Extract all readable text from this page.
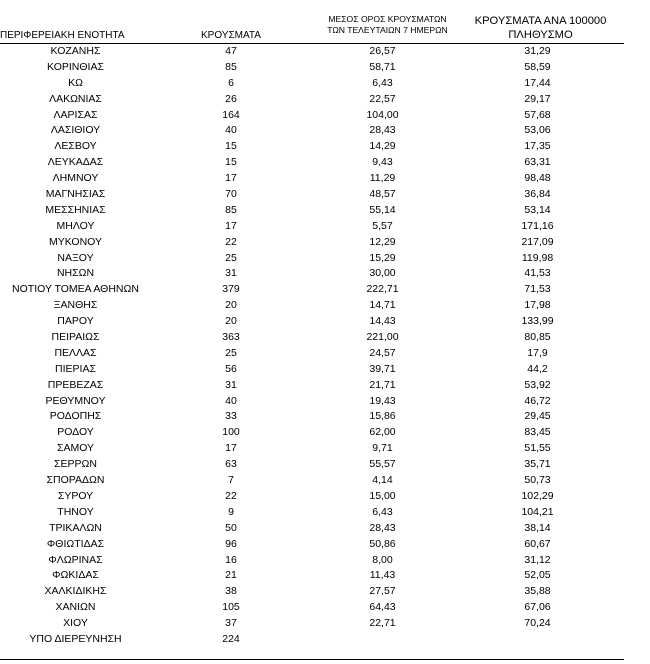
ΠΕΡΙΦΕΡΕΙΑΚΗ ΕΝΟΤΗΤΑ	ΚΡΟΥΣΜΑΤΑ
ΜΕΣΟΣ ΟΡΟΣ ΚΡΟΥΣΜΑΤΩΝ
ΤΩΝ ΤΕΛΕΥΤΑΙΩΝ 7 ΗΜΕΡΩΝ
ΚΡΟΥΣΜΑΤΑ ΑΝΑ 100000
ΠΛΗΘΥΣΜΟ
ΚΟΖΑΝΗΣ	47	26,57	31,29
ΚΟΡΙΝΘΙΑΣ	85	58,71	58,59
ΚΩ	6	6,43	17,44
ΛΑΚΩΝΙΑΣ	26	22,57	29,17
ΛΑΡΙΣΑΣ	164	104,00	57,68
ΛΑΣΙΘΙΟΥ	40	28,43	53,06
ΛΕΣΒΟΥ	15	14,29	17,35
ΛΕΥΚΑΔΑΣ	15	9,43	63,31
ΛΗΜΝΟΥ	17	11,29	98,48
ΜΑΓΝΗΣΙΑΣ	70	48,57	36,84
ΜΕΣΣΗΝΙΑΣ	85	55,14	53,14
ΜΗΛΟΥ	17	5,57	171,16
ΜΥΚΟΝΟΥ	22	12,29	217,09
ΝΑΞΟΥ	25	15,29	119,98
ΝΗΣΩΝ	31	30,00	41,53
ΝΟΤΙΟΥ ΤΟΜΕΑ ΑΘΗΝΩΝ	379	222,71	71,53
ΞΑΝΘΗΣ	20	14,71	17,98
ΠΑΡΟΥ	20	14,43	133,99
ΠΕΙΡΑΙΩΣ	363	221,00	80,85
ΠΕΛΛΑΣ	25	24,57	17,9
ΠΙΕΡΙΑΣ	56	39,71	44,2
ΠΡΕΒΕΖΑΣ	31	21,71	53,92
ΡΕΘΥΜΝΟΥ	40	19,43	46,72
ΡΟΔΟΠΗΣ	33	15,86	29,45
ΡΟΔΟΥ	100	62,00	83,45
ΣΑΜΟΥ	17	9,71	51,55
ΣΕΡΡΩΝ	63	55,57	35,71
ΣΠΟΡΑΔΩΝ	7	4,14	50,73
ΣΥΡΟΥ	22	15,00	102,29
ΤΗΝΟΥ	9	6,43	104,21
ΤΡΙΚΑΛΩΝ	50	28,43	38,14
ΦΘΙΩΤΙΔΑΣ	96	50,86	60,67
ΦΛΩΡΙΝΑΣ	16	8,00	31,12
ΦΩΚΙΔΑΣ	21	11,43	52,05
ΧΑΛΚΙΔΙΚΗΣ	38	27,57	35,88
ΧΑΝΙΩΝ	105	64,43	67,06
ΧΙΟΥ	37	22,71	70,24
ΥΠΟ ΔΙΕΡΕΥΝΗΣΗ	224
